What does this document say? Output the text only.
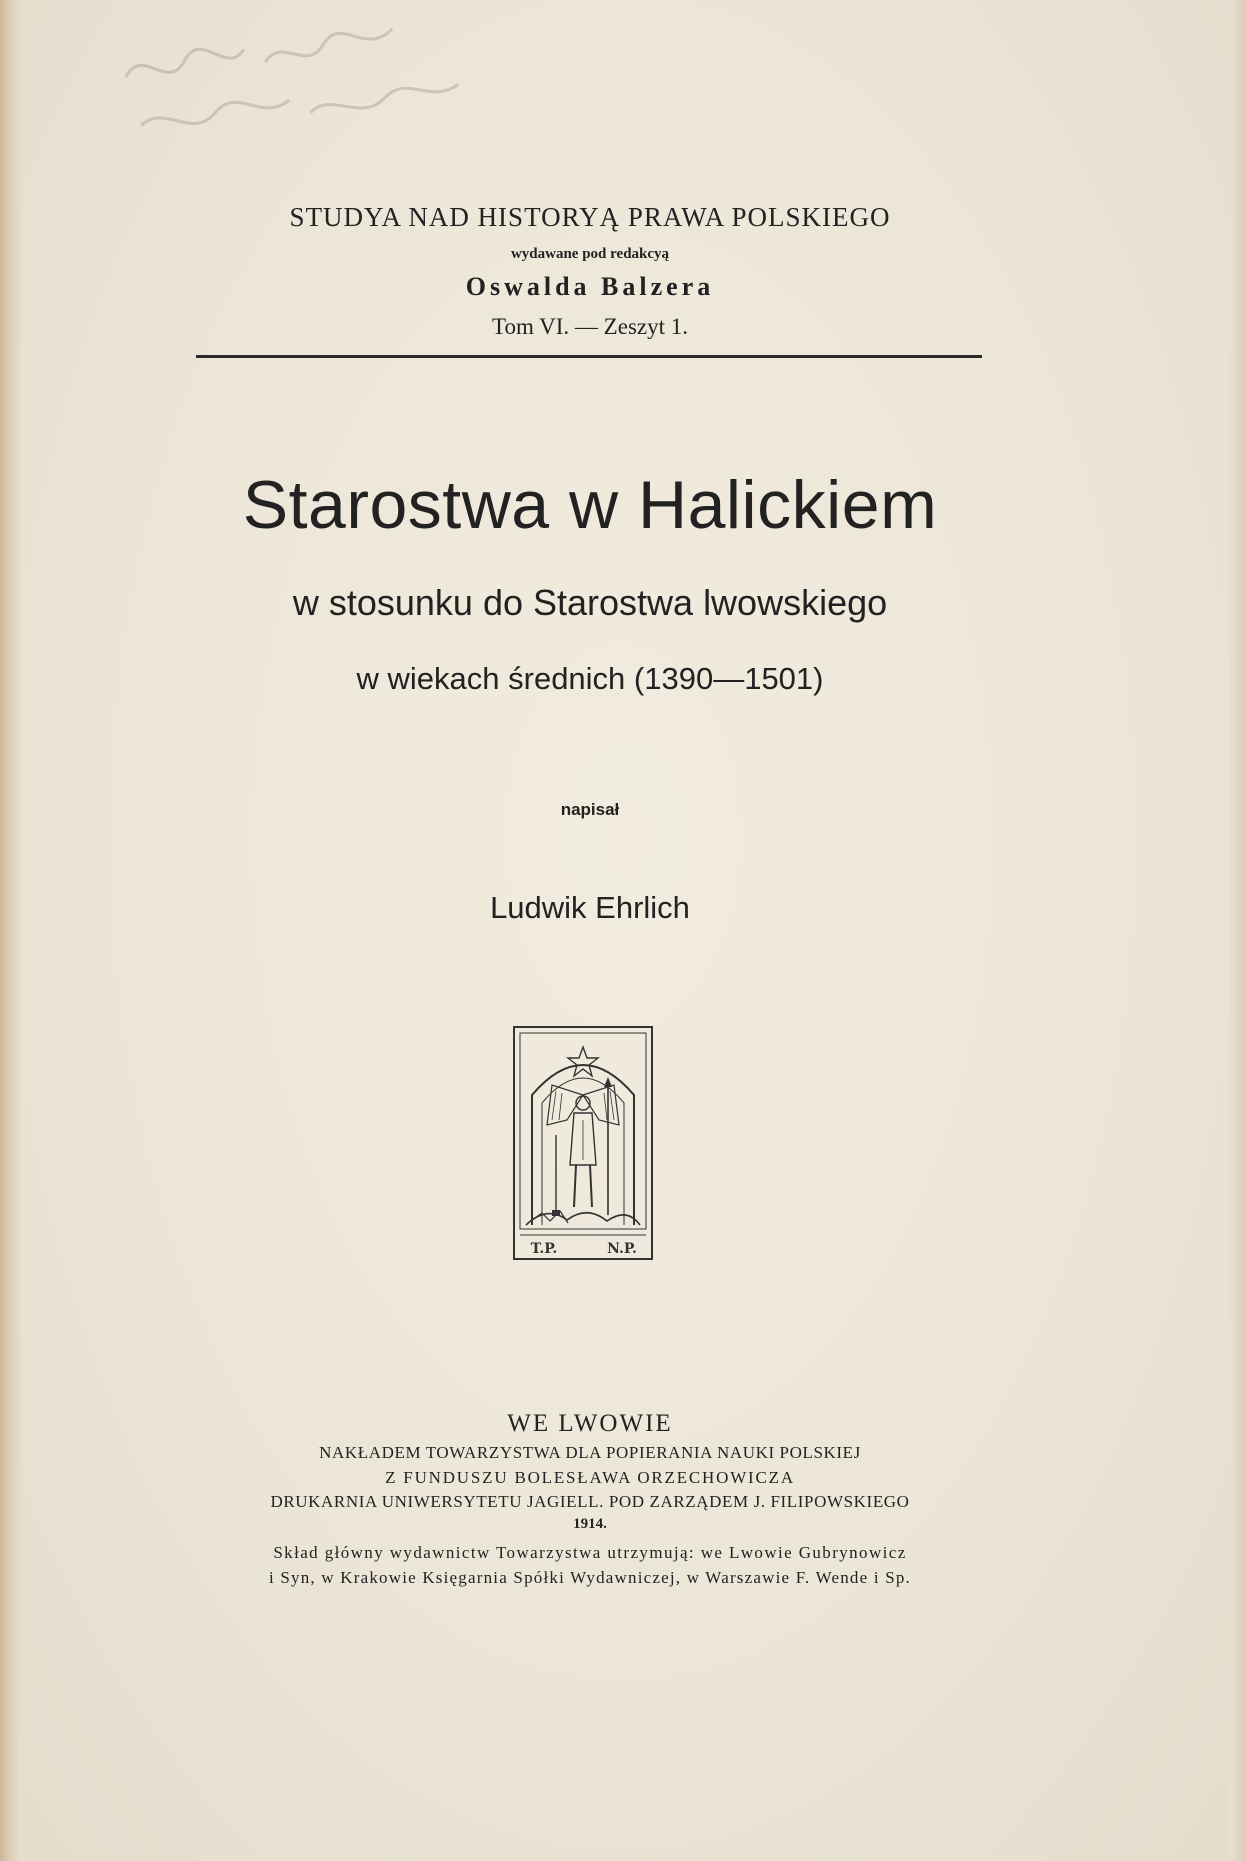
STUDYA NAD HISTORYĄ PRAWA POLSKIEGO
wydawane pod redakcyą
Oswalda Balzera
Tom VI. — Zeszyt 1.
Starostwa w Halickiem
w stosunku do Starostwa lwowskiego
w wiekach średnich (1390—1501)
napisał
Ludwik Ehrlich
T.P.	N.P.
WE LWOWIE
NAKŁADEM TOWARZYSTWA DLA POPIERANIA NAUKI POLSKIEJ
Z FUNDUSZU BOLESŁAWA ORZECHOWICZA
DRUKARNIA UNIWERSYTETU JAGIELL. POD ZARZĄDEM J. FILIPOWSKIEGO
1914.
Skład główny wydawnictw Towarzystwa utrzymują: we Lwowie Gubrynowicz
i Syn, w Krakowie Księgarnia Spółki Wydawniczej, w Warszawie F. Wende i Sp.
